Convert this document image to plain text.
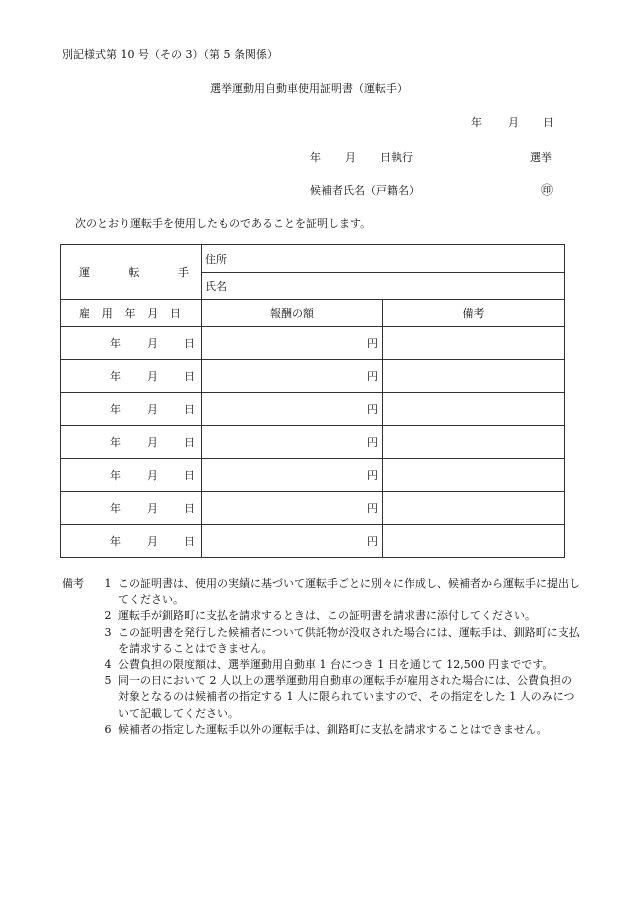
別記様式第 10 号（その 3）（第 5 条関係）
選挙運動用自動車使用証明書（運転手）
年 月 日
年 月 日執行	選挙
候補者氏名（戸籍名）	㊞
次のとおり運転手を使用したものであることを証明します。
運 転 手	住所	
	氏名	

雇 用 年 月 日	報酬の額	備考

年 月 日	円	

年 月 日	円	

年 月 日	円	

年 月 日	円	

年 月 日	円	

年 月 日	円	

年 月 日	円	
備考	1 この証明書は、使用の実績に基づいて運転手ごとに別々に作成し、候補者から運転手に提出してください。
2 運転手が釧路町に支払を請求するときは、この証明書を請求書に添付してください。
3 この証明書を発行した候補者について供託物が没収された場合には、運転手は、釧路町に支払を請求することはできません。
4 公費負担の限度額は、選挙運動用自動車 1 台につき 1 日を通じて 12,500 円までです。
5 同一の日において 2 人以上の選挙運動用自動車の運転手が雇用された場合には、公費負担の対象となるのは候補者の指定する 1 人に限られていますので、その指定をした 1 人のみについて記載してください。
6 候補者の指定した運転手以外の運転手は、釧路町に支払を請求することはできません。
